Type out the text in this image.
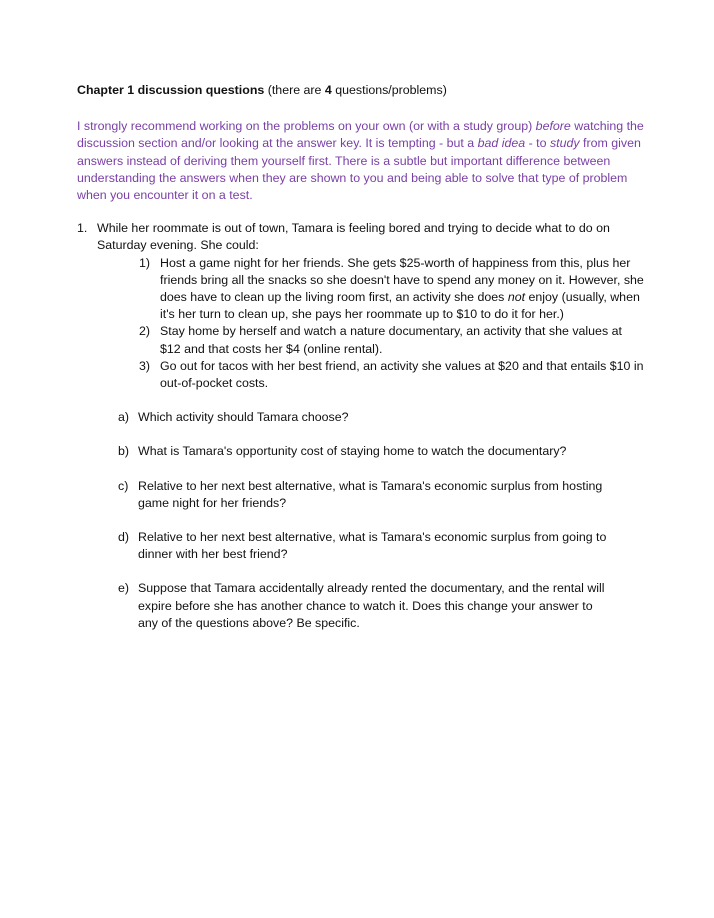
Chapter 1 discussion questions (there are 4 questions/problems)

I strongly recommend working on the problems on your own (or with a study group) before watching the discussion section and/or looking at the answer key. It is tempting - but a bad idea - to study from given answers instead of deriving them yourself first. There is a subtle but important difference between understanding the answers when they are shown to you and being able to solve that type of problem when you encounter it on a test.

1. While her roommate is out of town, Tamara is feeling bored and trying to decide what to do on Saturday evening. She could:
1) Host a game night for her friends. She gets $25-worth of happiness from this, plus her friends bring all the snacks so she doesn't have to spend any money on it. However, she does have to clean up the living room first, an activity she does not enjoy (usually, when it's her turn to clean up, she pays her roommate up to $10 to do it for her.)
2) Stay home by herself and watch a nature documentary, an activity that she values at $12 and that costs her $4 (online rental).
3) Go out for tacos with her best friend, an activity she values at $20 and that entails $10 in out-of-pocket costs.
a) Which activity should Tamara choose?
b) What is Tamara's opportunity cost of staying home to watch the documentary?
c) Relative to her next best alternative, what is Tamara's economic surplus from hosting game night for her friends?
d) Relative to her next best alternative, what is Tamara's economic surplus from going to dinner with her best friend?
e) Suppose that Tamara accidentally already rented the documentary, and the rental will expire before she has another chance to watch it. Does this change your answer to any of the questions above? Be specific.
